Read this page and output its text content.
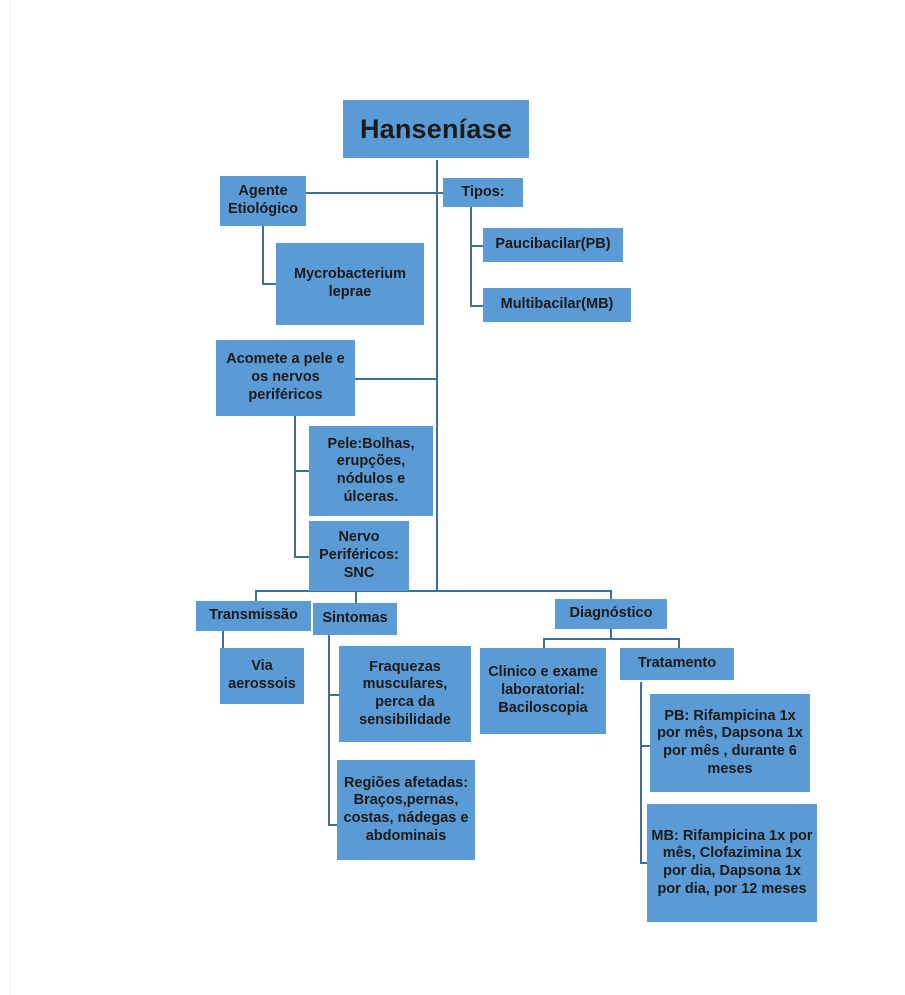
Hanseníase
Agente Etiológico
Mycrobacterium leprae
Tipos:
Paucibacilar(PB)
Multibacilar(MB)
Acomete a pele e os nervos periféricos
Pele:Bolhas, erupções, nódulos e úlceras.
Nervo Periféricos: SNC
Transmissão
Via aerossois
Sintomas
Fraquezas musculares, perca da sensibilidade
Regiões afetadas: Braços,pernas, costas, nádegas e abdominais
Diagnóstico
Clinico e exame laboratorial: Baciloscopia
Tratamento
PB: Rifampicina 1x por mês, Dapsona 1x por mês , durante 6 meses
MB: Rifampicina 1x por mês, Clofazimina 1x por dia, Dapsona 1x por dia, por 12 meses
